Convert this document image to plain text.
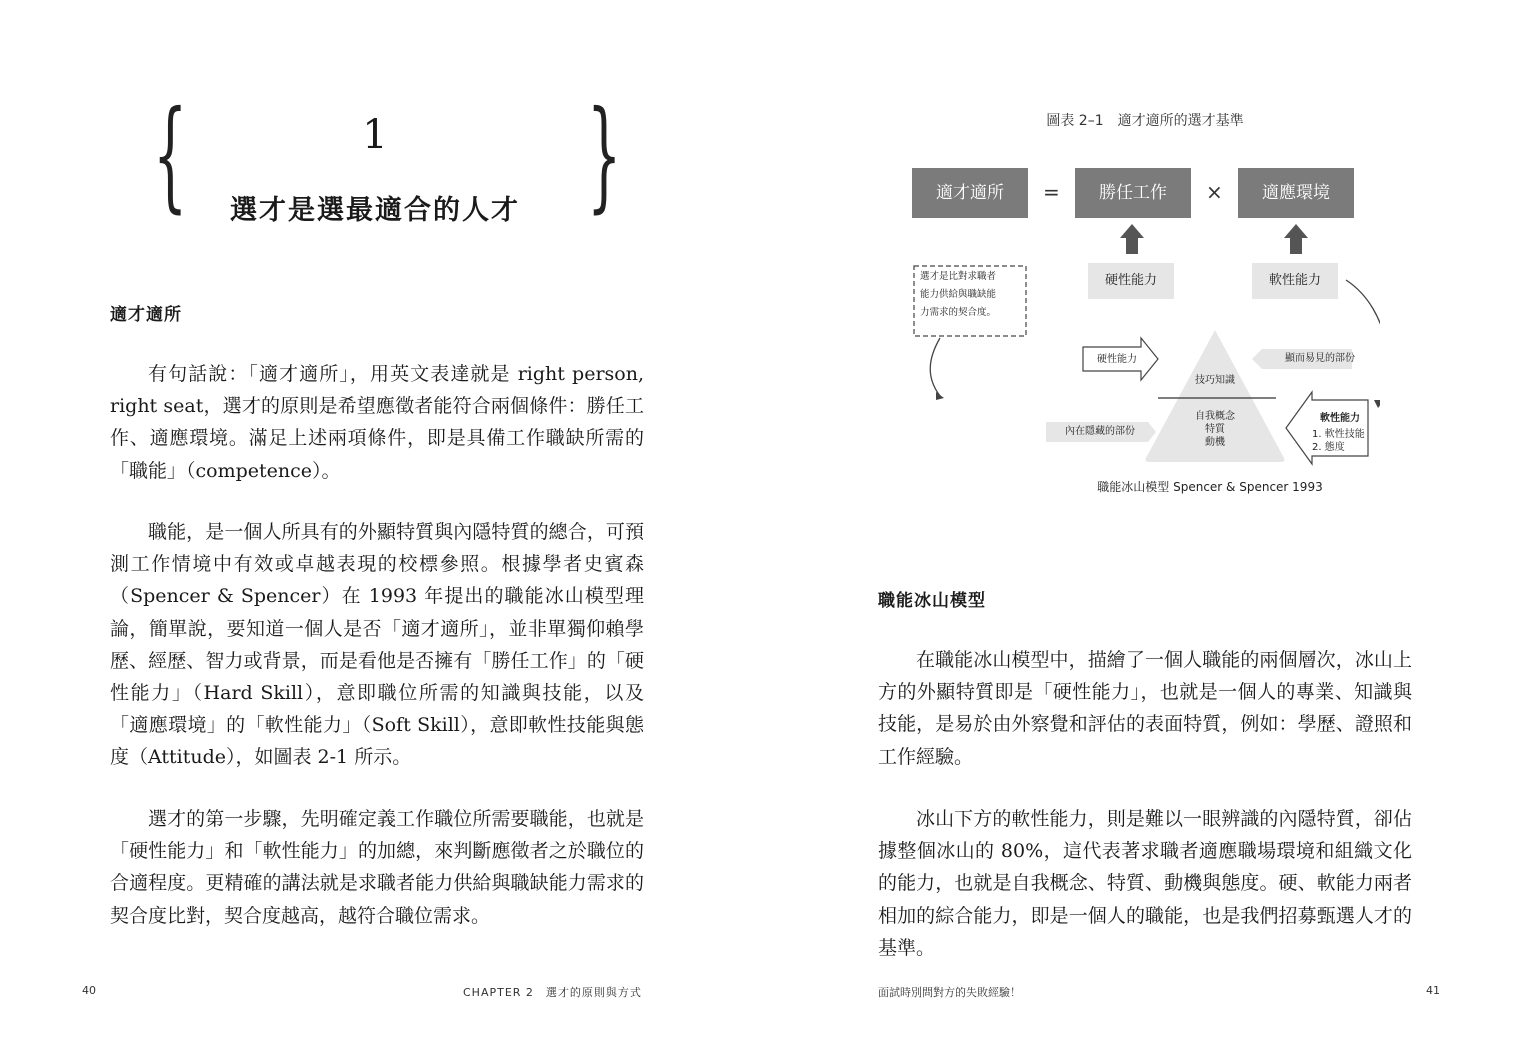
{	}
1
選才是選最適合的人才
適才適所

有句話說：「適才適所」，用英文表達就是 right person, right seat，選才的原則是希望應徵者能符合兩個條件：勝任工作、適應環境。滿足上述兩項條件，即是具備工作職缺所需的「職能」（competence）。

職能，是一個人所具有的外顯特質與內隱特質的總合，可預測工作情境中有效或卓越表現的校標參照。根據學者史賓森（Spencer & Spencer）在 1993 年提出的職能冰山模型理論，簡單說，要知道一個人是否「適才適所」，並非單獨仰賴學歷、經歷、智力或背景，而是看他是否擁有「勝任工作」的「硬性能力」（Hard Skill），意即職位所需的知識與技能，以及「適應環境」的「軟性能力」（Soft Skill），意即軟性技能與態度（Attitude），如圖表 2-1 所示。

選才的第一步驟，先明確定義工作職位所需要職能，也就是「硬性能力」和「軟性能力」的加總，來判斷應徵者之於職位的合適程度。更精確的講法就是求職者能力供給與職缺能力需求的契合度比對，契合度越高，越符合職位需求。

40	CHAPTER 2　選才的原則與方式
圖表 2–1　適才適所的選才基準
適才適所	=	勝任工作	×	適應環境
硬性能力	軟性能力
選才是比對求職者
能力供給與職缺能
力需求的契合度。
硬性能力	顯而易見的部份
技巧知識
自我概念
特質
動機
內在隱藏的部份
軟性能力
1. 軟性技能
2. 態度
職能冰山模型 Spencer & Spencer 1993
職能冰山模型

在職能冰山模型中，描繪了一個人職能的兩個層次，冰山上方的外顯特質即是「硬性能力」，也就是一個人的專業、知識與技能，是易於由外察覺和評估的表面特質，例如：學歷、證照和工作經驗。

冰山下方的軟性能力，則是難以一眼辨識的內隱特質，卻佔據整個冰山的 80%，這代表著求職者適應職場環境和組織文化的能力，也就是自我概念、特質、動機與態度。硬、軟能力兩者相加的綜合能力，即是一個人的職能，也是我們招募甄選人才的基準。

面試時別問對方的失敗經驗！	41
